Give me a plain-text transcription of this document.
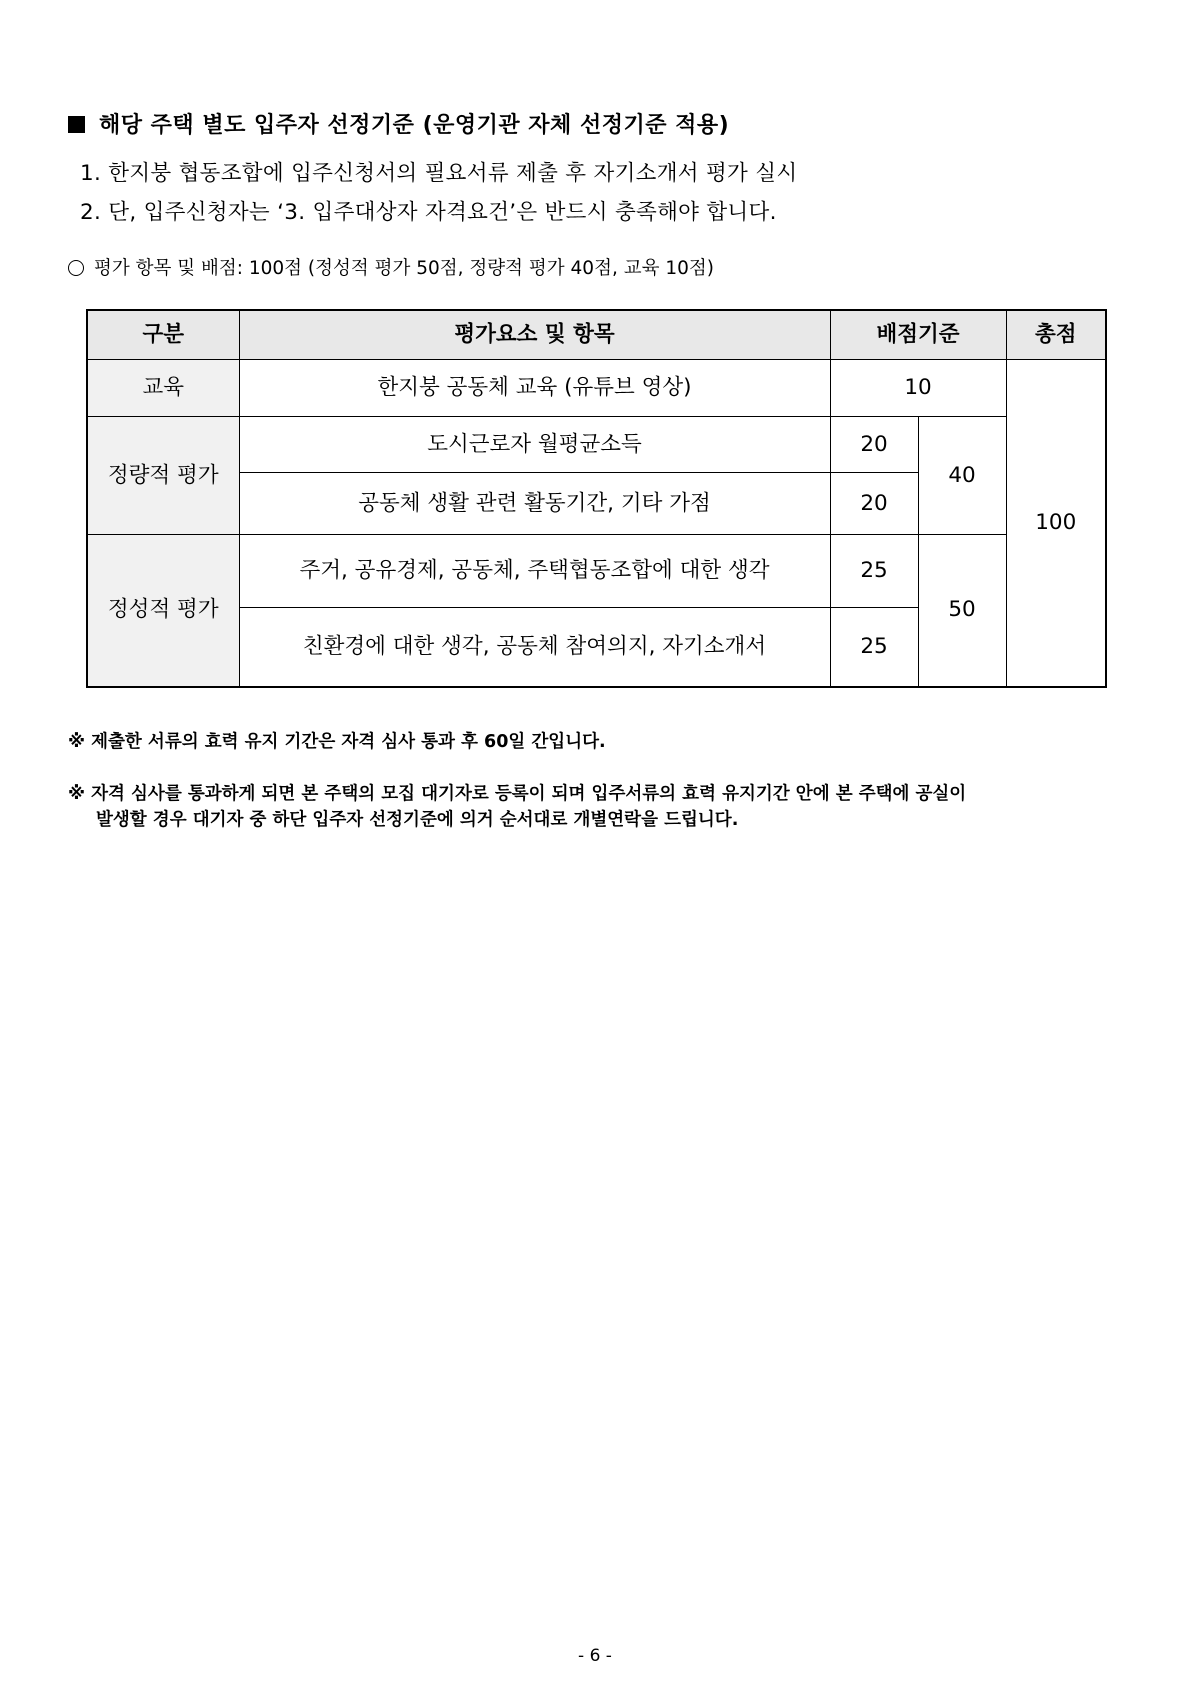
해당 주택 별도 입주자 선정기준 (운영기관 자체 선정기준 적용)
1. 한지붕 협동조합에 입주신청서의 필요서류 제출 후 자기소개서 평가 실시
2. 단, 입주신청자는 ‘3. 입주대상자 자격요건’은 반드시 충족해야 합니다.
평가 항목 및 배점: 100점 (정성적 평가 50점, 정량적 평가 40점, 교육 10점)
구분	평가요소 및 항목	배점기준		총점
교육	한지붕 공동체 교육 (유튜브 영상)	10		100
정량적 평가	도시근로자 월평균소득	20	40	
	공동체 생활 관련 활동기간, 기타 가점	20		
정성적 평가	주거, 공유경제, 공동체, 주택협동조합에 대한 생각	25	50	
	친환경에 대한 생각, 공동체 참여의지, 자기소개서	25		
※ 제출한 서류의 효력 유지 기간은 자격 심사 통과 후 60일 간입니다.
※ 자격 심사를 통과하게 되면 본 주택의 모집 대기자로 등록이 되며 입주서류의 효력 유지기간 안에 본 주택에 공실이
발생할 경우 대기자 중 하단 입주자 선정기준에 의거 순서대로 개별연락을 드립니다.
- 6 -
